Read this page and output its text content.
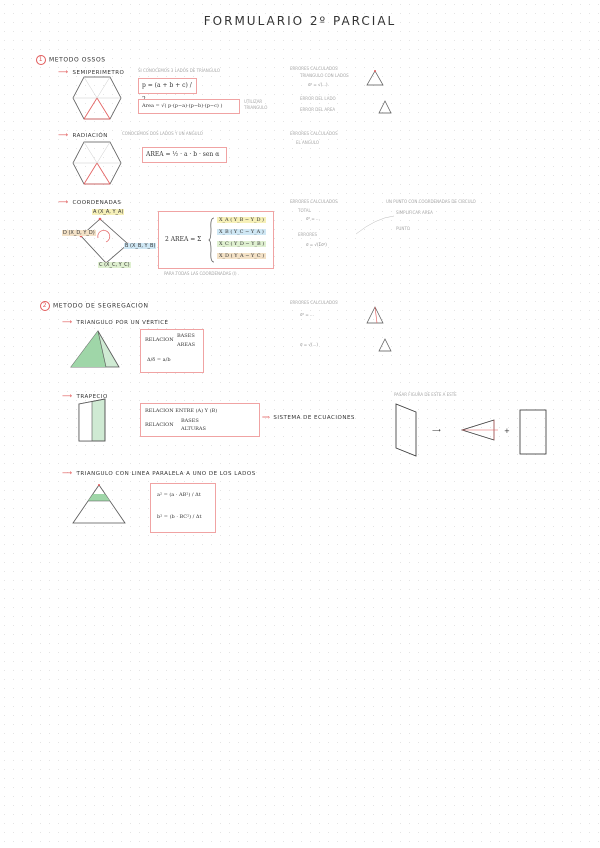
FORMULARIO 2º PARCIAL
1 METODO OSSOS
⟶ SEMIPERIMETRO	SI CONOCEMOS 3 LADOS DE TRIANGULO
p = (a + b + c) /
Area = √( p·(p−a)·(p−b)·(p−c) )
UTILIZAR TRIANGULO
ERRORES CALCULADOS
TRIANGULO CON LADOS
σ² = √(...)
ERROR DEL LADO
ERROR DEL AREA
⟶ RADIACIÓN	CONOCEMOS DOS LADOS Y UN ANGULO
AREA = ½ · a · b · sen α
ERRORES CALCULADOS
EL ANGULO
⟶ COORDENADAS
A (X_A, Y_A)
B (X_B, Y_B)
C (X_C, Y_C)
D (X_D, Y_D)
2 AREA = Σ
X_A ( Y_B − Y_D )
X_B ( Y_C − Y_A )
X_C ( Y_D − Y_B )
X_D ( Y_A − Y_C )
PARA TODAS LAS COORDENADAS (I)
ERRORES CALCULADOS
TOTAL
σ² = ...
ERRORES
σ = √(Σσ²)
UN PUNTO CON COORDENADAS DE CIRCULO
SIMPLIFICAR AREA
PUNTO
2 METODO DE SEGREGACION
⟶ TRIANGULO POR UN VERTICE
RELACION
BASES
AREAS
Δ/δ = a/b
ERRORES CALCULADOS
σ² = ...
σ = √(...)
⟶ TRAPECIO
RELACION ENTRE (A) Y (B)
RELACION
BASES
ALTURAS
⟹ SISTEMA DE ECUACIONES
PASAR FIGURA DE ESTE A ESTE
⟶	+
⟶ TRIANGULO CON LINEA PARALELA A UNO DE LOS LADOS
a² = (a · AB²) / Δt
b² = (b · BC²) / Δt
